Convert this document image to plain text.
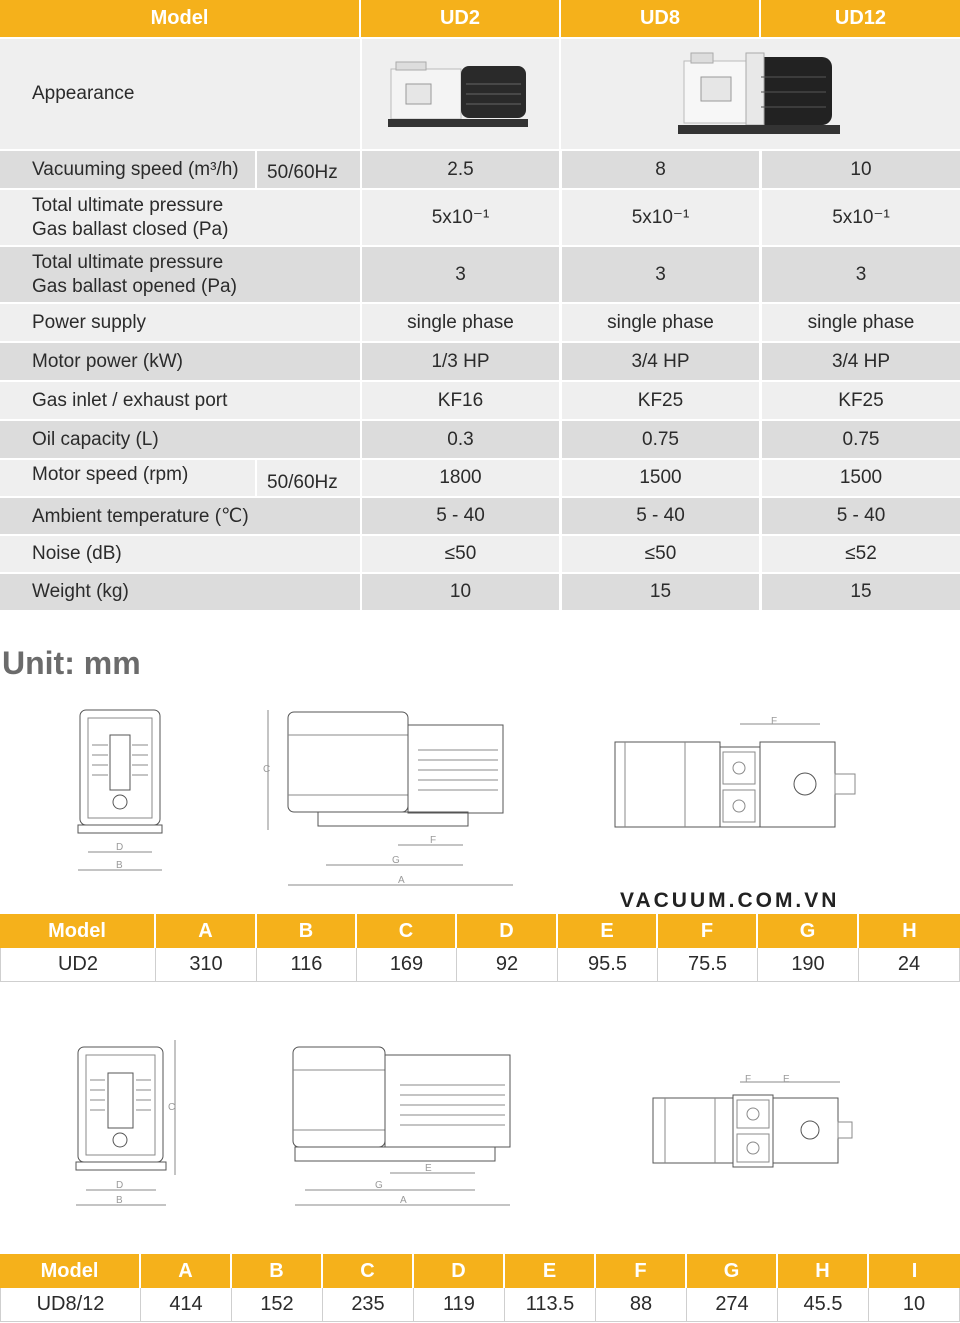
Model	UD2	UD8	UD12
Appearance
Vacuuming speed (m³/h)	50/60Hz	2.5	8	10
Total ultimate pressure
Gas ballast closed (Pa)
5x10⁻¹	5x10⁻¹	5x10⁻¹
Total ultimate pressure
Gas ballast opened (Pa)
3	3	3
Power supply	single phase	single phase	single phase
Motor power (kW)	1/3 HP	3/4 HP	3/4 HP
Gas inlet / exhaust port	KF16	KF25	KF25
Oil capacity (L)	0.3	0.75	0.75
Motor speed (rpm)	50/60Hz	1800	1500	1500
Ambient temperature (℃)	5 - 40	5 - 40	5 - 40
Noise (dB)	≤50	≤50	≤52
Weight (kg)	10	15	15
Unit: mm
D
B
C
A
G
F
F
VACUUM.COM.VN
Model	A	B	C	D	E	F	G	H
UD2	310	116	169	92	95.5	75.5	190	24
C
D
B	A
G
E
F	E
Model	A	B	C	D	E	F	G	H	I
UD8/12	414	152	235	119	113.5	88	274	45.5	10
